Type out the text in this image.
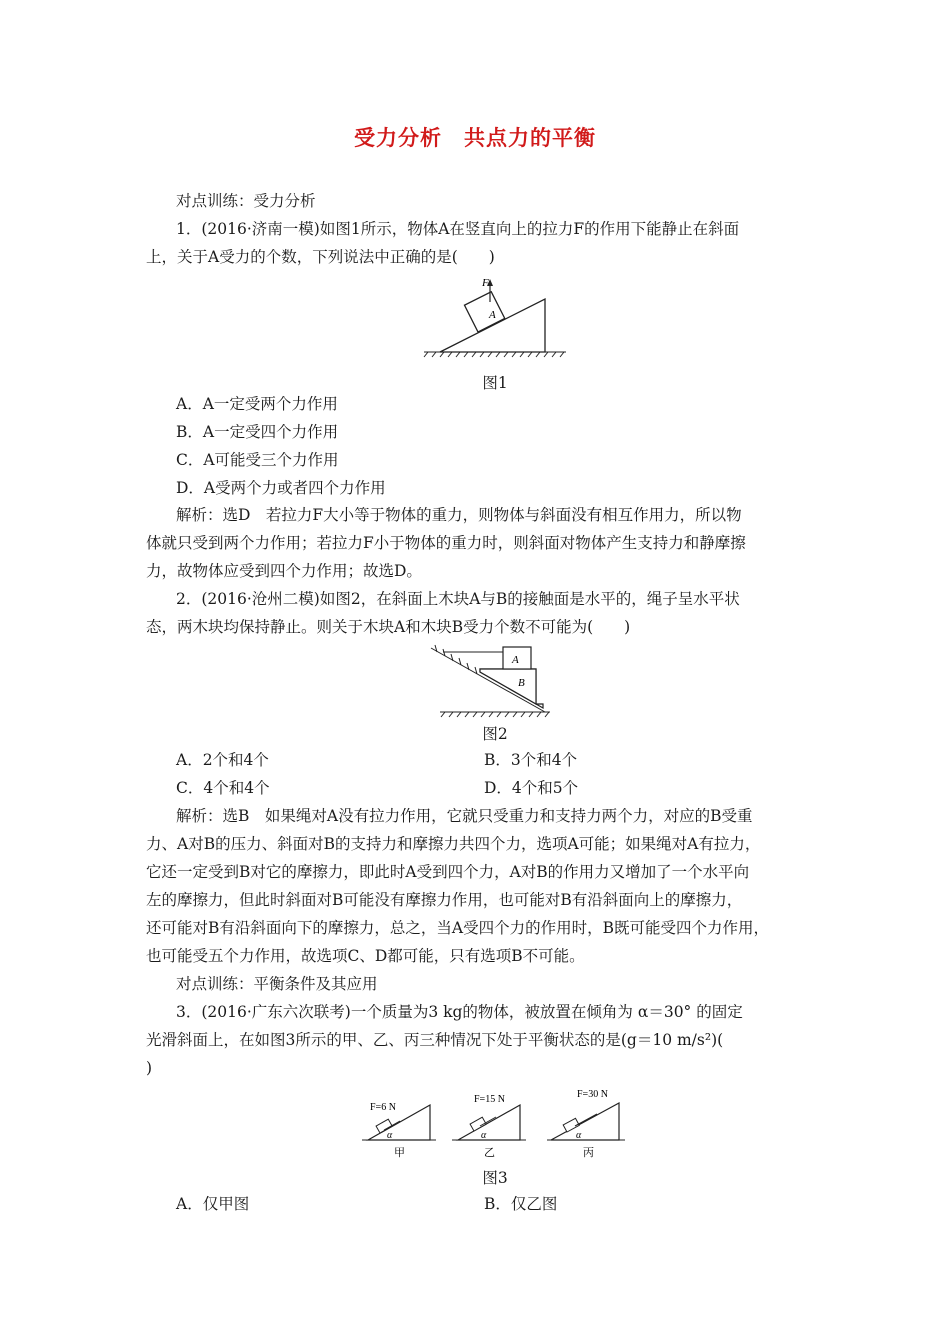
受力分析　共点力的平衡
对点训练：受力分析
1．(2016·济南一模)如图1所示，物体A在竖直向上的拉力F的作用下能静止在斜面
上，关于A受力的个数，下列说法中正确的是(　　)
F
A
图1
A．A一定受两个力作用
B．A一定受四个力作用
C．A可能受三个力作用
D．A受两个力或者四个力作用
解析：选D　若拉力F大小等于物体的重力，则物体与斜面没有相互作用力，所以物
体就只受到两个力作用；若拉力F小于物体的重力时，则斜面对物体产生支持力和静摩擦
力，故物体应受到四个力作用；故选D。
2．(2016·沧州二模)如图2，在斜面上木块A与B的接触面是水平的，绳子呈水平状
态，两木块均保持静止。则关于木块A和木块B受力个数不可能为(　　)
A
B
图2
A．2个和4个	B．3个和4个
C．4个和4个	D．4个和5个
解析：选B　如果绳对A没有拉力作用，它就只受重力和支持力两个力，对应的B受重
力、A对B的压力、斜面对B的支持力和摩擦力共四个力，选项A可能；如果绳对A有拉力，
它还一定受到B对它的摩擦力，即此时A受到四个力，A对B的作用力又增加了一个水平向
左的摩擦力，但此时斜面对B可能没有摩擦力作用，也可能对B有沿斜面向上的摩擦力，
还可能对B有沿斜面向下的摩擦力，总之，当A受四个力的作用时，B既可能受四个力作用，
也可能受五个力作用，故选项C、D都可能，只有选项B不可能。
对点训练：平衡条件及其应用
3．(2016·广东六次联考)一个质量为3 kg的物体，被放置在倾角为 α＝30° 的固定
光滑斜面上，在如图3所示的甲、乙、丙三种情况下处于平衡状态的是(g＝10 m/s²)(
)
F=6 N
α
甲
F=15 N
α
乙
F=30 N
α
丙
图3
A．仅甲图	B．仅乙图
